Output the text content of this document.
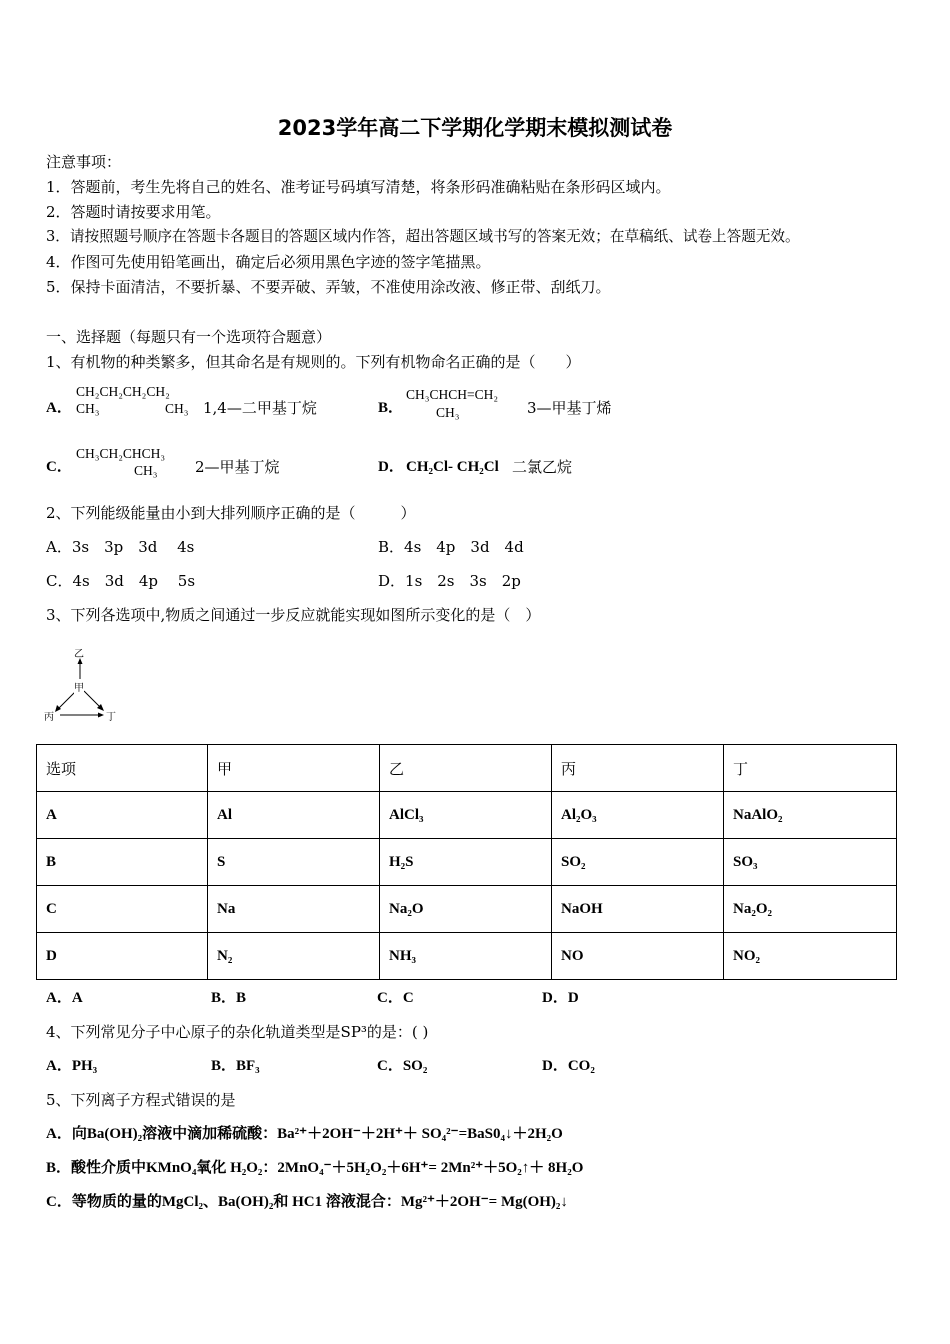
2023学年高二下学期化学期末模拟测试卷
注意事项：
1．答题前，考生先将自己的姓名、准考证号码填写清楚，将条形码准确粘贴在条形码区域内。
2．答题时请按要求用笔。
3．请按照题号顺序在答题卡各题目的答题区域内作答，超出答题区域书写的答案无效；在草稿纸、试卷上答题无效。
4．作图可先使用铅笔画出，确定后必须用黑色字迹的签字笔描黑。
5．保持卡面清洁，不要折暴、不要弄破、弄皱，不准使用涂改液、修正带、刮纸刀。
一、选择题（每题只有一个选项符合题意）
1、有机物的种类繁多，但其命名是有规则的。下列有机物命名正确的是（　　）
A．
CH₂CH₂CH₂CH₂
CH₃	CH₃ 1,4—二甲基丁烷	B．
CH₃CHCH=CH₂
CH₃	3—甲基丁烯
C．
CH₃CH₂CHCH₃
CH₃	2—甲基丁烷	D． CH₂Cl- CH₂Cl 二氯乙烷
2、下列能级能量由小到大排列顺序正确的是（　　　）
A．3s　3p　3d　 4s	B．4s　4p　3d　4d
C．4s　3d　4p　 5s	D．1s　2s　3s　2p
3、下列各选项中,物质之间通过一步反应就能实现如图所示变化的是（　）
乙
甲
丙	丁
选项	甲	乙	丙	丁
A	Al	AlCl₃	Al₂O₃	NaAlO₂
B	S	H₂S	SO₂	SO₃
C	Na	Na₂O	NaOH	Na₂O₂
D	N₂	NH₃	NO	NO₂
A．A	B．B	C．C	D．D
4、下列常见分子中心原子的杂化轨道类型是SP³的是：( )
A．PH₃	B．BF₃	C．SO₂	D．CO₂
5、下列离子方程式错误的是
A．向Ba(OH)₂溶液中滴加稀硫酸：Ba²⁺＋2OH⁻＋2H⁺＋ SO₄²⁻=BaS0₄↓＋2H₂O
B．酸性介质中KMnO₄氧化 H₂O₂：2MnO₄⁻＋5H₂O₂＋6H⁺= 2Mn²⁺＋5O₂↑＋ 8H₂O
C．等物质的量的MgCl₂、Ba(OH)₂和 HC1 溶液混合：Mg²⁺＋2OH⁻= Mg(OH)₂↓
